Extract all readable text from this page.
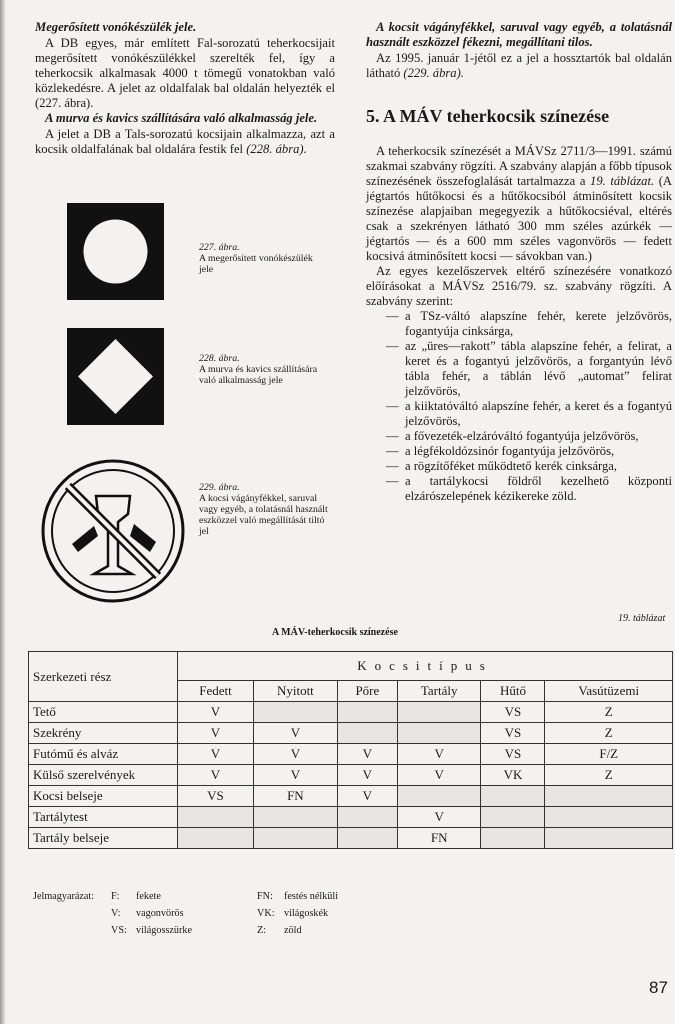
Megerősített vonókészülék jele.

A DB egyes, már említett Fal-sorozatú teherkocsijait megerősített vonókészülékkel szerelték fel, így a teherkocsik alkalmasak 4000 t tömegű vonatokban való közlekedésre. A jelet az oldalfalak bal oldalán helyezték el (227. ábra).

A murva és kavics szállítására való alkalmasság jele.

A jelet a DB a Tals-sorozatú kocsijain alkalmazza, azt a kocsik oldalfalának bal oldalára festik fel (228. ábra).

227. ábra.
A megerősített vonókészülék jele
228. ábra.
A murva és kavics szállítására való alkalmasság jele
229. ábra.
A kocsi vágányfékkel, saruval vagy egyéb, a tolatásnál használt eszközzel való megállítását tiltó jel

A kocsit vágányfékkel, saruval vagy egyéb, a tolatásnál használt eszközzel fékezni, megállítani tilos.

Az 1995. január 1-jétől ez a jel a hossztartók bal oldalán látható (229. ábra).

5. A MÁV teherkocsik színezése

A teherkocsik színezését a MÁVSz 2711/3—1991. számú szakmai szabvány rögzíti. A szabvány alapján a főbb típusok színezésének összefoglalását tartalmazza a 19. táblázat. (A jégtartós hűtőkocsi és a hűtőkocsiból átminősített kocsik színezése alapjaiban megegyezik a hűtőkocsiéval, eltérés csak a szekrényen látható 300 mm széles azúrkék — jégtartós — és a 600 mm széles vagonvörös — fedett kocsivá átminősített kocsi — sávokban van.)

Az egyes kezelőszervek eltérő színezésére vonatkozó előírásokat a MÁVSz 2516/79. sz. szabvány rögzíti. A szabvány szerint:

— a TSz-váltó alapszíne fehér, kerete jelzővörös, fogantyúja cinksárga,
— az „üres—rakott” tábla alapszíne fehér, a felirat, a keret és a fogantyú jelzővörös, a forgantyún lévő tábla fehér, a táblán lévő „automat” felirat jelzővörös,
— a kiiktatóváltó alapszíne fehér, a keret és a fogantyú jelzővörös,
— a fővezeték-elzáróváltó fogantyúja jelzővörös,
— a légfékoldózsinór fogantyúja jelzővörös,
— a rögzítőféket működtető kerék cinksárga,
— a tartálykocsi földről kezelhető központi elzárószelepének kézikereke zöld.
19. táblázat
A MÁV-teherkocsik színezése
Szerkezeti rész	Kocsitípus					
	Fedett	Nyitott	Pőre	Tartály	Hűtő	Vasútüzemi
Tető	V				VS	Z
Szekrény	V	V			VS	Z
Futómű és alváz	V	V	V	V	VS	F/Z
Külső szerelvények	V	V	V	V	VK	Z
Kocsi belseje	VS	FN	V			
Tartálytest				V		
Tartály belseje				FN		
Jelmagyarázat: F: fekete
V: vagonvörös
VS: világosszürke
FN: festés nélküli
VK: világoskék
Z: zöld
87
